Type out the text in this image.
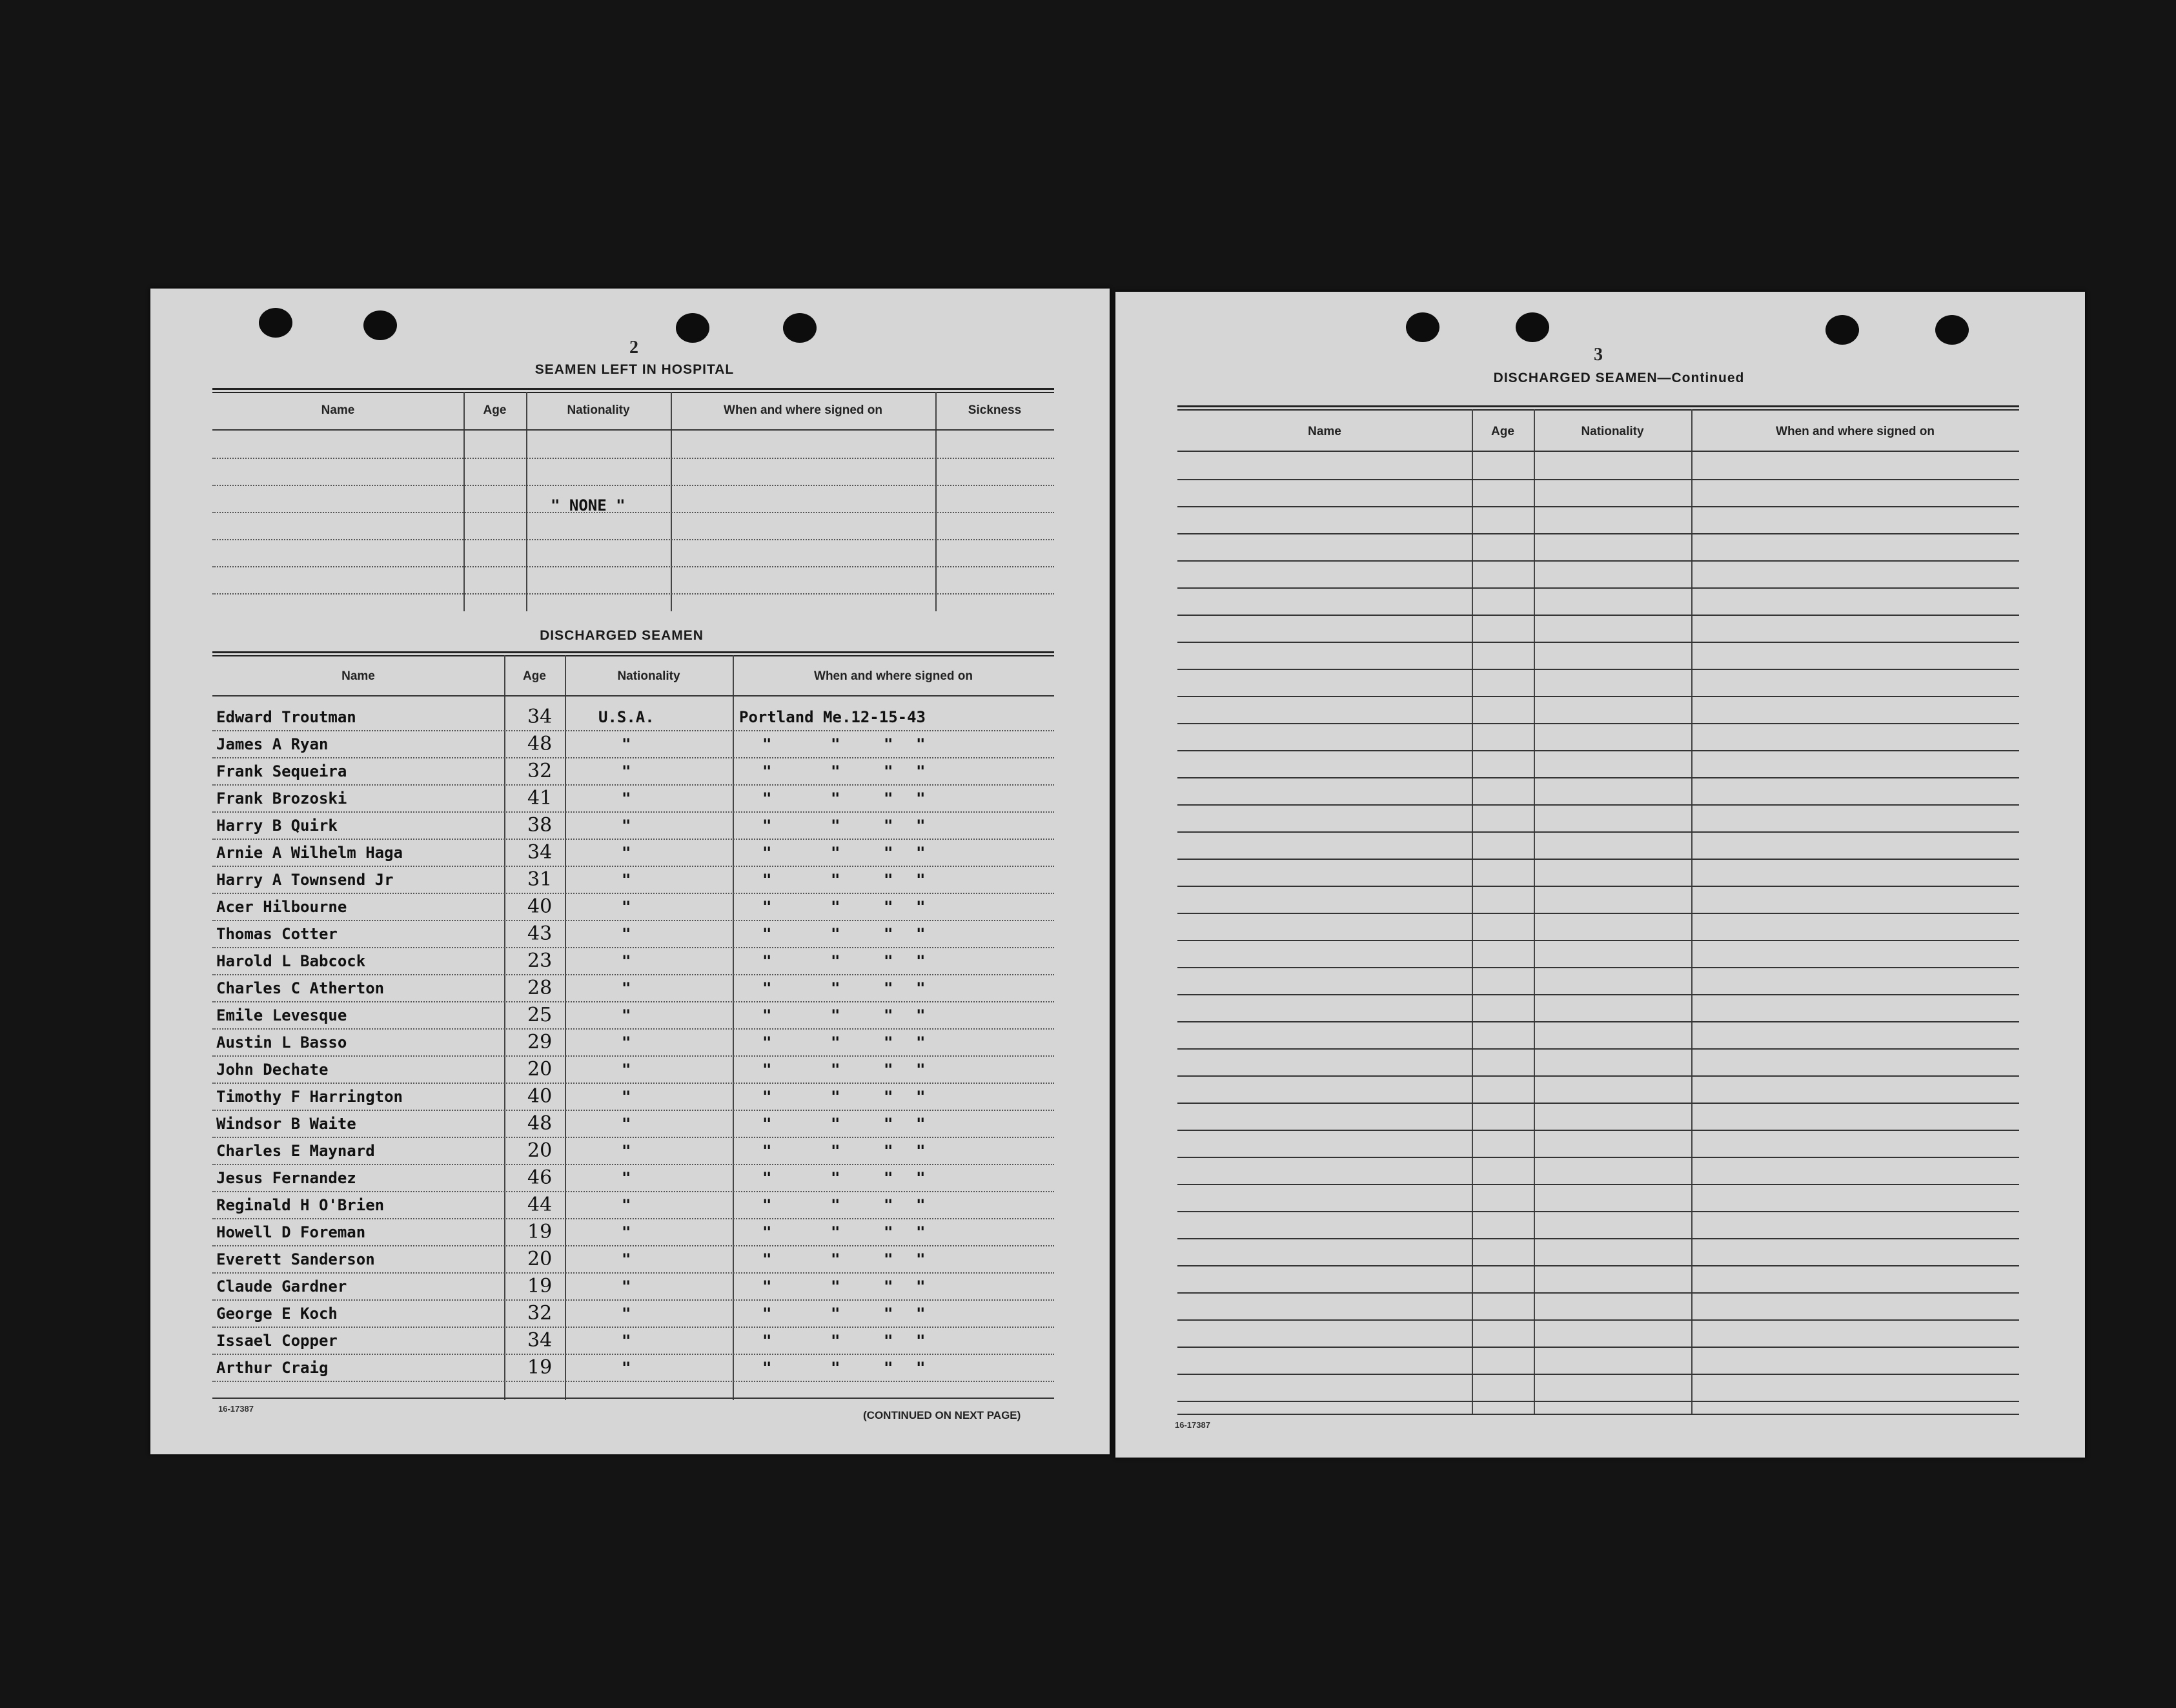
2
SEAMEN LEFT IN HOSPITAL
Name	Age	Nationality	When and where signed on	Sickness
" NONE "
DISCHARGED SEAMEN
Name	Age	Nationality	When and where signed on
Edward Troutman	34	U.S.A.	Portland Me.12-15-43
James A Ryan	48	"	"	"	" "
Frank Sequeira	32	"	"	"	" "
Frank Brozoski	41	"	"	"	" "
Harry B Quirk	38	"	"	"	" "
Arnie A Wilhelm Haga	34	"	"	"	" "
Harry A Townsend Jr	31	"	"	"	" "
Acer Hilbourne	40	"	"	"	" "
Thomas Cotter	43	"	"	"	" "
Harold L Babcock	23	"	"	"	" "
Charles C Atherton	28	"	"	"	" "
Emile Levesque	25	"	"	"	" "
Austin L Basso	29	"	"	"	" "
John Dechate	20	"	"	"	" "
Timothy F Harrington	40	"	"	"	" "
Windsor B Waite	48	"	"	"	" "
Charles E Maynard	20	"	"	"	" "
Jesus Fernandez	46	"	"	"	" "
Reginald H O'Brien	44	"	"	"	" "
Howell D Foreman	19	"	"	"	" "
Everett Sanderson	20	"	"	"	" "
Claude Gardner	19	"	"	"	" "
George E Koch	32	"	"	"	" "
Issael Copper	34	"	"	"	" "
Arthur Craig	19	"	"	"	" "
16-17387
(CONTINUED ON NEXT PAGE)
3
DISCHARGED SEAMEN—Continued
Name	Age	Nationality	When and where signed on
16-17387
